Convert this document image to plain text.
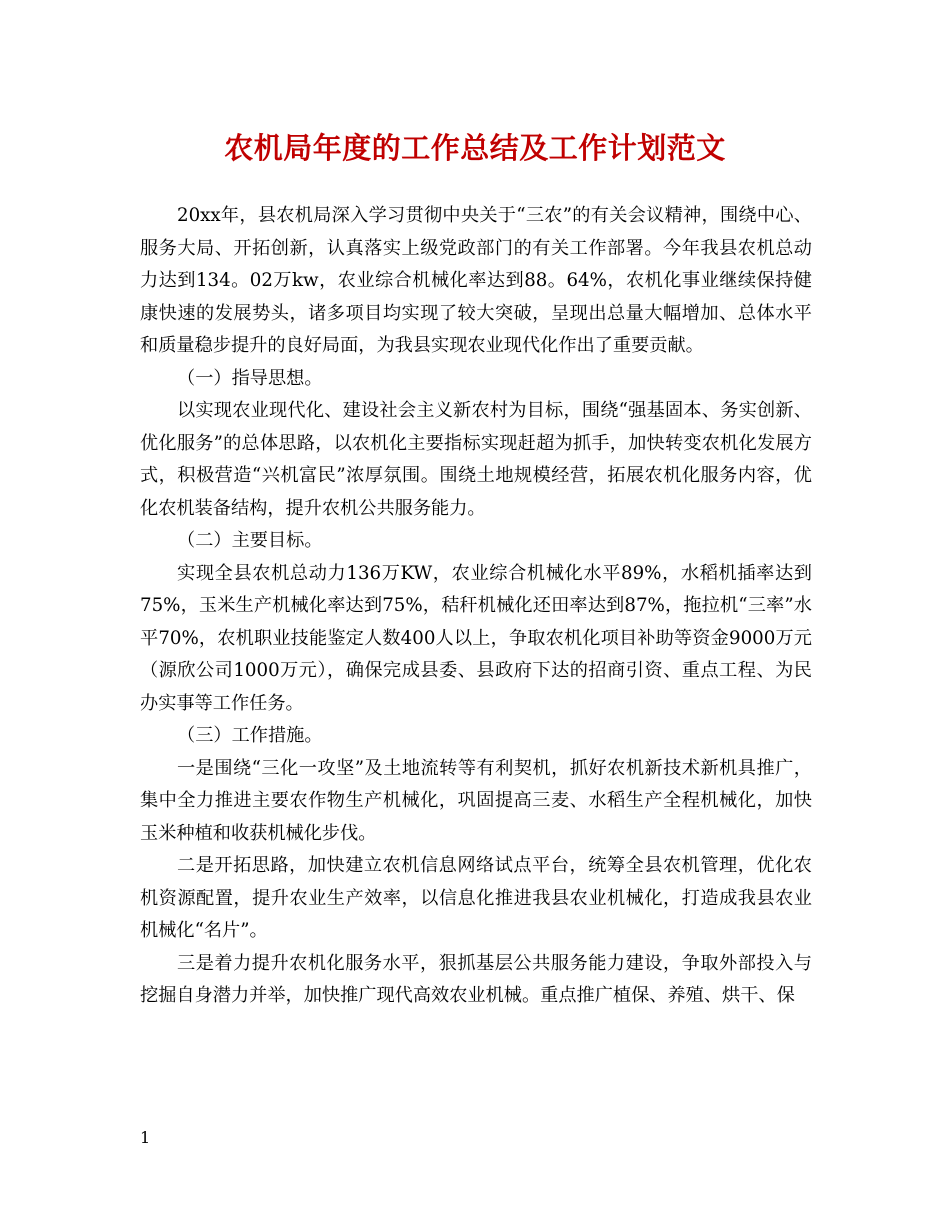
农机局年度的工作总结及工作计划范文

20xx年，县农机局深入学习贯彻中央关于“三农”的有关会议精神，围绕中心、服务大局、开拓创新，认真落实上级党政部门的有关工作部署。今年我县农机总动力达到134。02万kw，农业综合机械化率达到88。64%，农机化事业继续保持健康快速的发展势头，诸多项目均实现了较大突破，呈现出总量大幅增加、总体水平和质量稳步提升的良好局面，为我县实现农业现代化作出了重要贡献。

（一）指导思想。

以实现农业现代化、建设社会主义新农村为目标，围绕“强基固本、务实创新、优化服务”的总体思路，以农机化主要指标实现赶超为抓手，加快转变农机化发展方式，积极营造“兴机富民”浓厚氛围。围绕土地规模经营，拓展农机化服务内容，优化农机装备结构，提升农机公共服务能力。

（二）主要目标。

实现全县农机总动力136万KW，农业综合机械化水平89%，水稻机插率达到75%，玉米生产机械化率达到75%，秸秆机械化还田率达到87%，拖拉机“三率”水平70%，农机职业技能鉴定人数400人以上，争取农机化项目补助等资金9000万元（源欣公司1000万元），确保完成县委、县政府下达的招商引资、重点工程、为民办实事等工作任务。

（三）工作措施。

一是围绕“三化一攻坚”及土地流转等有利契机，抓好农机新技术新机具推广，集中全力推进主要农作物生产机械化，巩固提高三麦、水稻生产全程机械化，加快玉米种植和收获机械化步伐。

二是开拓思路，加快建立农机信息网络试点平台，统筹全县农机管理，优化农机资源配置，提升农业生产效率，以信息化推进我县农业机械化，打造成我县农业机械化“名片”。

三是着力提升农机化服务水平，狠抓基层公共服务能力建设，争取外部投入与挖掘自身潜力并举，加快推广现代高效农业机械。重点推广植保、养殖、烘干、保

1
